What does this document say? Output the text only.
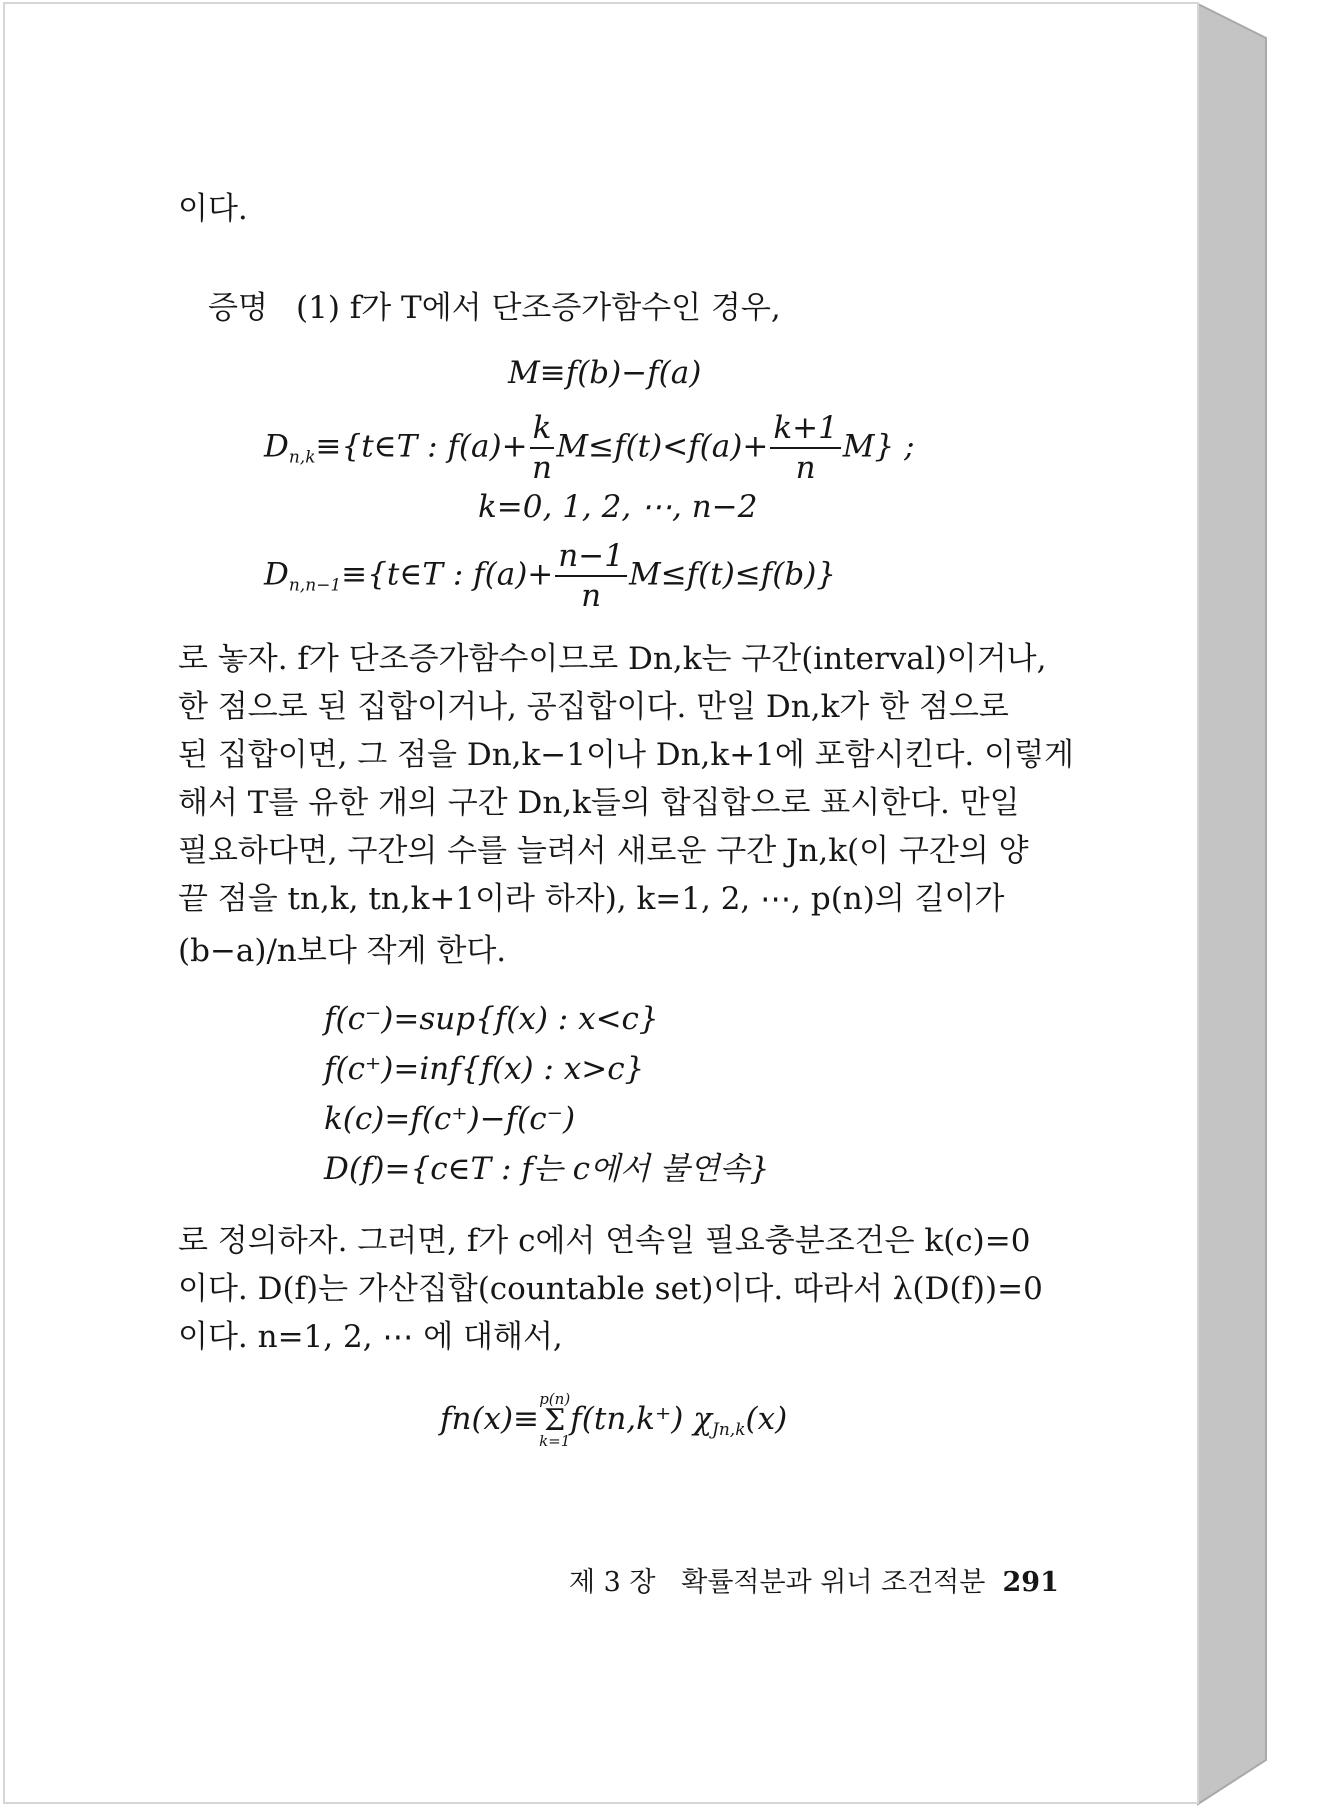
이다.
증명 (1) f가 T에서 단조증가함수인 경우,
M≡f(b)−f(a)
$D_{n,k}\equiv\{t\in T$ : $f(a)+ \frac{k}{n} M\le f(t)<f(a)+ \frac{k+1}{n} M$} ;
k=0, 1, 2, ⋯, n−2
$D_{n,n-1}\equiv\{t\in T$ : $f(a)+ \frac{n-1}{n} M\le f(t)\le f(b)$}
로 놓자. f가 단조증가함수이므로 Dn,k는 구간(interval)이거나,
한 점으로 된 집합이거나, 공집합이다. 만일 Dn,k가 한 점으로
된 집합이면, 그 점을 Dn,k−1이나 Dn,k+1에 포함시킨다. 이렇게
해서 T를 유한 개의 구간 Dn,k들의 합집합으로 표시한다. 만일
필요하다면, 구간의 수를 늘려서 새로운 구간 Jn,k(이 구간의 양
끝 점을 tn,k, tn,k+1이라 하자), k=1, 2, ⋯, p(n)의 길이가
(b−a)/n보다 작게 한다.
f(c⁻)=sup{f(x) : x<c}
f(c⁺)=inf{f(x) : x>c}
k(c)=f(c⁺)−f(c⁻)
D(f)={c∈T : f는 c에서 불연속}
로 정의하자. 그러면, f가 c에서 연속일 필요충분조건은 k(c)=0
이다. D(f)는 가산집합(countable set)이다. 따라서 λ(D(f))=0
이다. n=1, 2, ⋯ 에 대해서,
fn(x)≡
p(n)
Σ
k=1
f(tn,k⁺) $\chi_{Jn,k}(x)$
제 3 장 확률적분과 위너 조건적분 291
